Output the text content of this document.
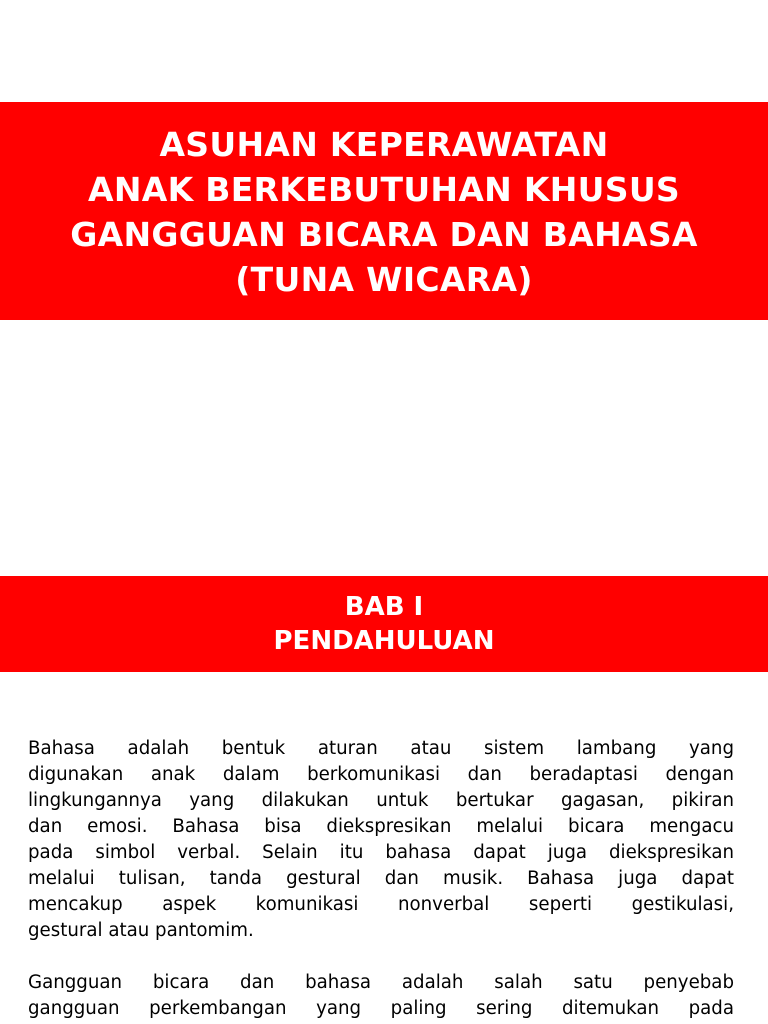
ASUHAN KEPERAWATAN
ANAK BERKEBUTUHAN KHUSUS
GANGGUAN BICARA DAN BAHASA
(TUNA WICARA)
BAB I
PENDAHULUAN
Bahasa adalah bentuk aturan atau sistem lambang yang
digunakan anak dalam berkomunikasi dan beradaptasi dengan
lingkungannya yang dilakukan untuk bertukar gagasan, pikiran
dan emosi. Bahasa bisa diekspresikan melalui bicara mengacu
pada simbol verbal. Selain itu bahasa dapat juga diekspresikan
melalui tulisan, tanda gestural dan musik. Bahasa juga dapat
mencakup aspek komunikasi nonverbal seperti gestikulasi,
gestural atau pantomim.
Gangguan bicara dan bahasa adalah salah satu penyebab
gangguan perkembangan yang paling sering ditemukan pada
